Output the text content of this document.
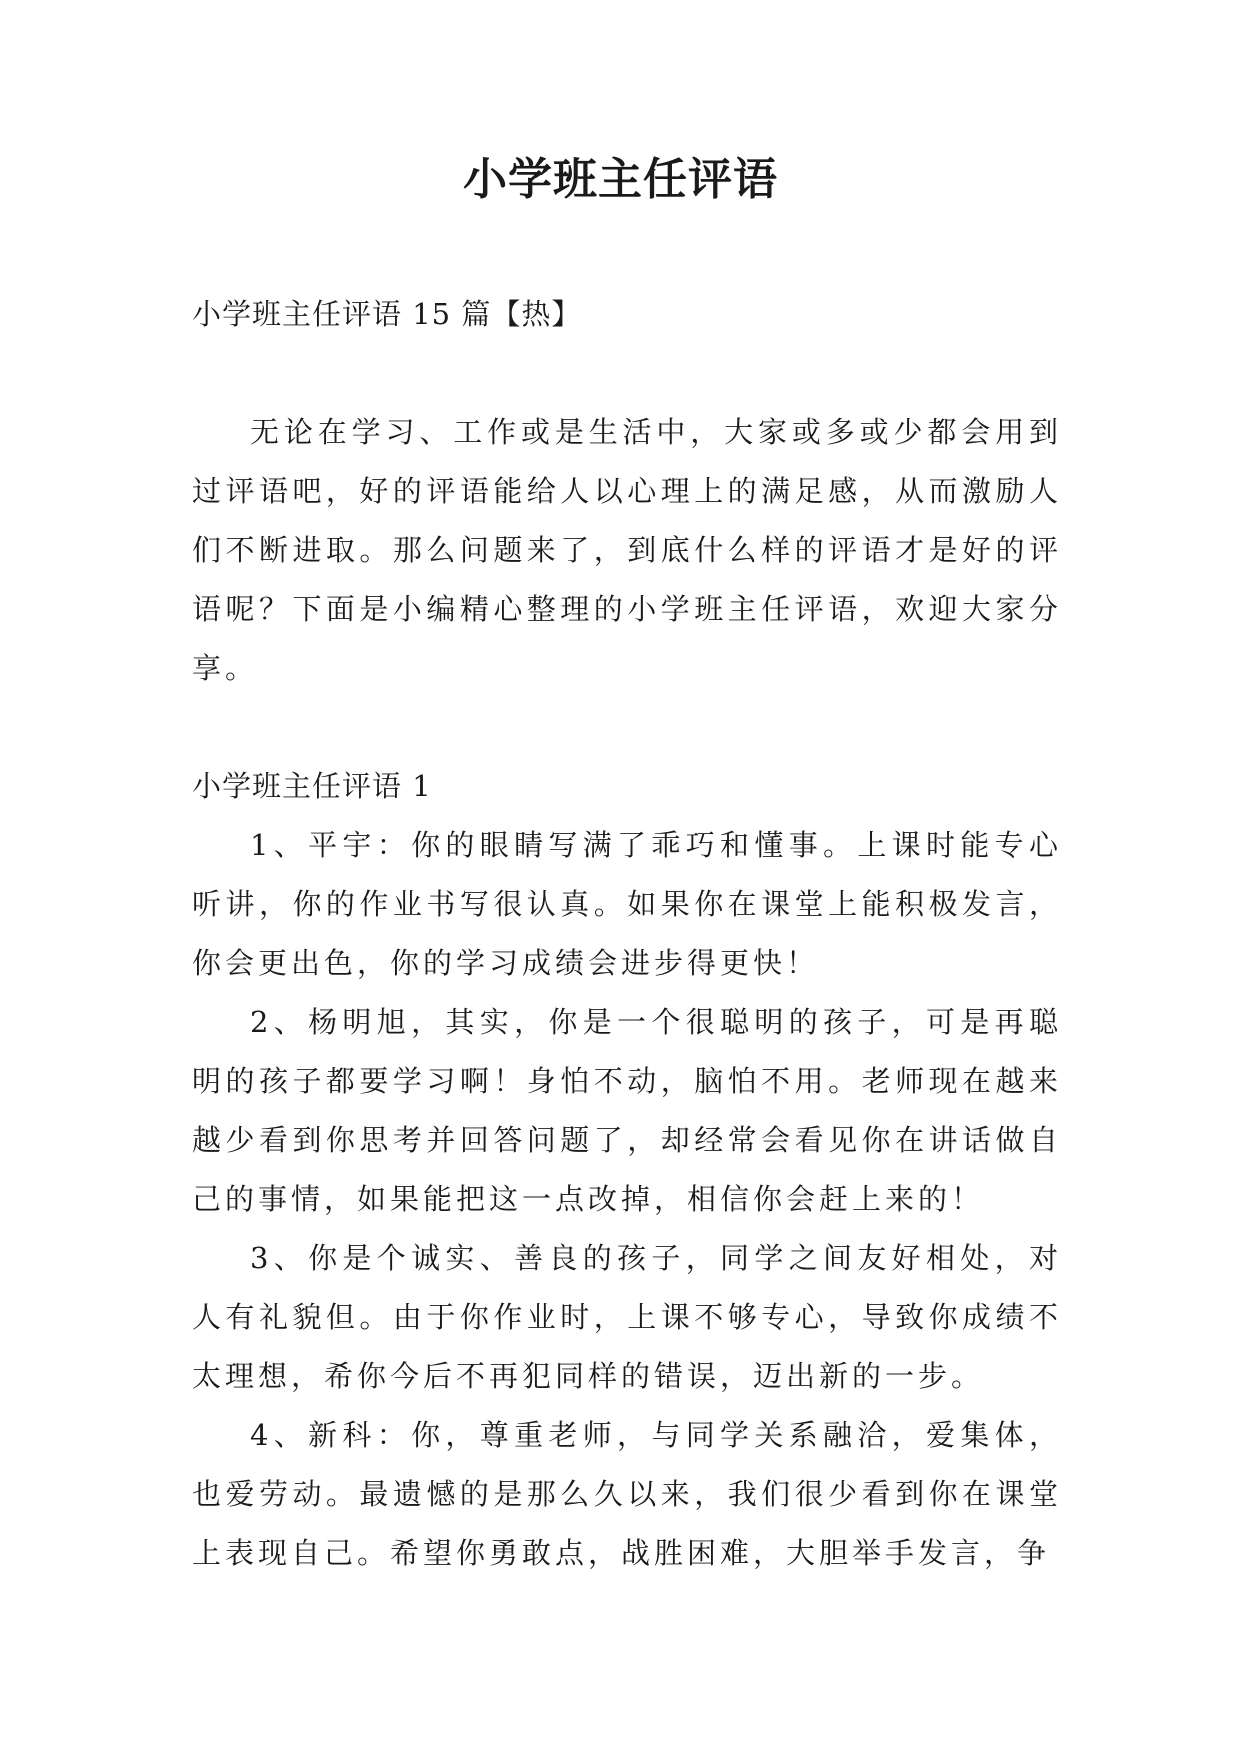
小学班主任评语

小学班主任评语 15 篇【热】

无论在学习、工作或是生活中，大家或多或少都会用到过评语吧，好的评语能给人以心理上的满足感，从而激励人们不断进取。那么问题来了，到底什么样的评语才是好的评语呢？下面是小编精心整理的小学班主任评语，欢迎大家分享。

小学班主任评语 1

1、平宇：你的眼睛写满了乖巧和懂事。上课时能专心听讲，你的作业书写很认真。如果你在课堂上能积极发言，你会更出色，你的学习成绩会进步得更快！

2、杨明旭，其实，你是一个很聪明的孩子，可是再聪明的孩子都要学习啊！身怕不动，脑怕不用。老师现在越来越少看到你思考并回答问题了，却经常会看见你在讲话做自己的事情，如果能把这一点改掉，相信你会赶上来的！

3、你是个诚实、善良的孩子，同学之间友好相处，对人有礼貌但。由于你作业时，上课不够专心，导致你成绩不太理想，希你今后不再犯同样的错误，迈出新的一步。

4、新科：你，尊重老师，与同学关系融洽，爱集体，也爱劳动。最遗憾的是那么久以来，我们很少看到你在课堂上表现自己。希望你勇敢点，战胜困难，大胆举手发言，争
